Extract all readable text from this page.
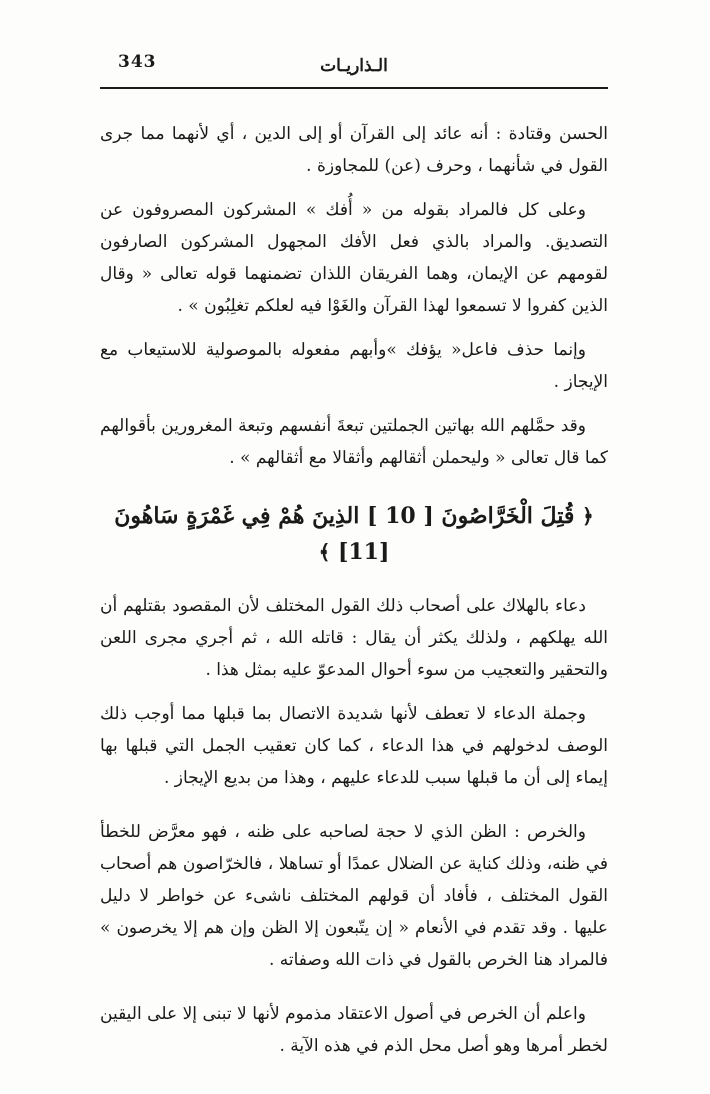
343	الـذاريـات

الحسن وقتادة : أنه عائد إلى القرآن أو إلى الدين ، أي لأنهما مما جرى القول في شأنهما ، وحرف (عن) للمجاوزة .

وعلى كل فالمراد بقوله من « أُفك » المشركون المصروفون عن التصديق. والمراد بالذي فعل الأفك المجهول المشركون الصارفون لقومهم عن الإيمان، وهما الفريقان اللذان تضمنهما قوله تعالى « وقال الذين كفروا لا تسمعوا لهذا القرآن والغَوْا فيه لعلكم تغلِبُون » .

وإنما حذف فاعل« يؤفك »وأبهم مفعوله بالموصولية للاستيعاب مع الإيجاز .

وقد حمَّلهم الله بهاتين الجملتين تبعةَ أنفسهم وتبعة المغرورين بأقوالهم كما قال تعالى « وليحملن أثقالهم وأثقالا مع أثقالهم » .

﴿ قُتِلَ الْخَرَّاصُونَ [ 10 ] الذِينَ هُمْ فِي غَمْرَةٍ سَاهُونَ [11] ﴾

دعاء بالهلاك على أصحاب ذلك القول المختلف لأن المقصود بقتلهم أن الله يهلكهم ، ولذلك يكثر أن يقال : قاتله الله ، ثم أجري مجرى اللعن والتحقير والتعجيب من سوء أحوال المدعوّ عليه بمثل هذا .

وجملة الدعاء لا تعطف لأنها شديدة الاتصال بما قبلها مما أوجب ذلك الوصف لدخولهم في هذا الدعاء ، كما كان تعقيب الجمل التي قبلها بها إيماء إلى أن ما قبلها سبب للدعاء عليهم ، وهذا من بديع الإيجاز .

والخرص : الظن الذي لا حجة لصاحبه على ظنه ، فهو معرَّض للخطأ في ظنه، وذلك كناية عن الضلال عمدًا أو تساهلا ، فالخرّاصون هم أصحاب القول المختلف ، فأفاد أن قولهم المختلف ناشىء عن خواطر لا دليل عليها . وقد تقدم في الأنعام « إن يتّبعون إلا الظن وإن هم إلا يخرصون » فالمراد هنا الخرص بالقول في ذات الله وصفاته .

واعلم أن الخرص في أصول الاعتقاد مذموم لأنها لا تبنى إلا على اليقين لخطر أمرها وهو أصل محل الذم في هذه الآية .
